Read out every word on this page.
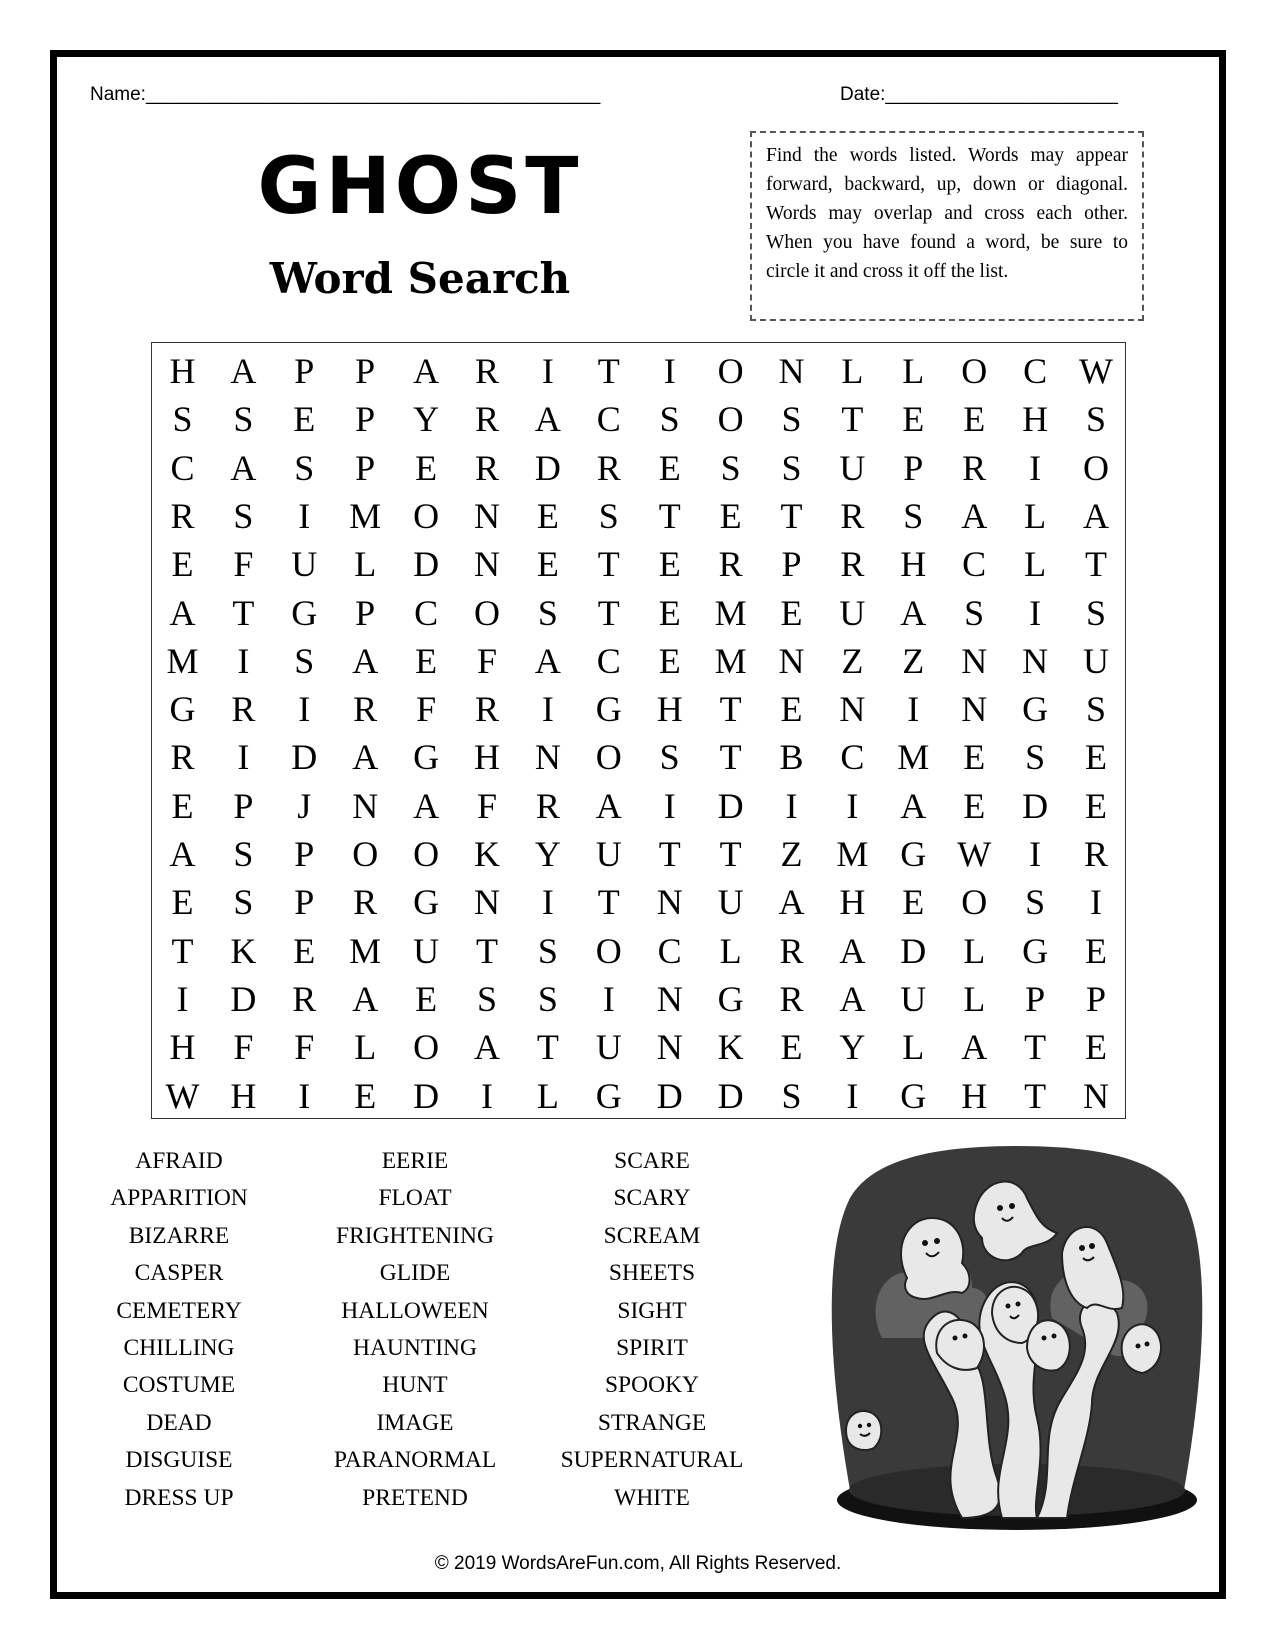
Name:___________________________________________	Date:______________________
GHOST
Word Search
Find the words listed. Words may appear forward, backward, up, down or diagonal. Words may overlap and cross each other. When you have found a word, be sure to circle it and cross it off the list.
H A	P	P	A R	I	T	I	O N	L	L	O C W
S	S	E	P	Y R A C	S	O	S	T	E	E	H	S
C A	S	P	E	R D R	E	S	S	U	P	R	I	O
R	S	I	M O N	E	S	T	E	T	R	S	A	L	A
E	F	U	L	D N	E	T	E	R	P	R H C	L	T
A	T	G	P	C O	S	T	E M E	U A	S	I	S
M	I	S	A	E	F	A C	E M N	Z	Z	N N U
G R	I	R	F	R	I	G H	T	E	N	I	N G	S
R	I	D A G H N O	S	T	B	C M E	S	E
E	P	J	N A	F	R A	I	D	I	I	A	E	D	E
A	S	P	O O K Y U	T	T	Z M G W	I	R
E	S	P	R G N	I	T	N U A H	E	O	S	I
T	K	E M U	T	S	O C	L	R A D	L	G	E
I	D R A	E	S	S	I	N G R A U	L	P	P
H	F	F	L	O A	T	U N K	E	Y	L	A	T	E
W H	I	E	D	I	L	G D D	S	I	G H	T	N
AFRAID
APPARITION
BIZARRE
CASPER
CEMETERY
CHILLING
COSTUME
DEAD
DISGUISE
DRESS UP
EERIE
FLOAT
FRIGHTENING
GLIDE
HALLOWEEN
HAUNTING
HUNT
IMAGE
PARANORMAL
PRETEND
SCARE
SCARY
SCREAM
SHEETS
SIGHT
SPIRIT
SPOOKY
STRANGE
SUPERNATURAL
WHITE
© 2019 WordsAreFun.com, All Rights Reserved.
